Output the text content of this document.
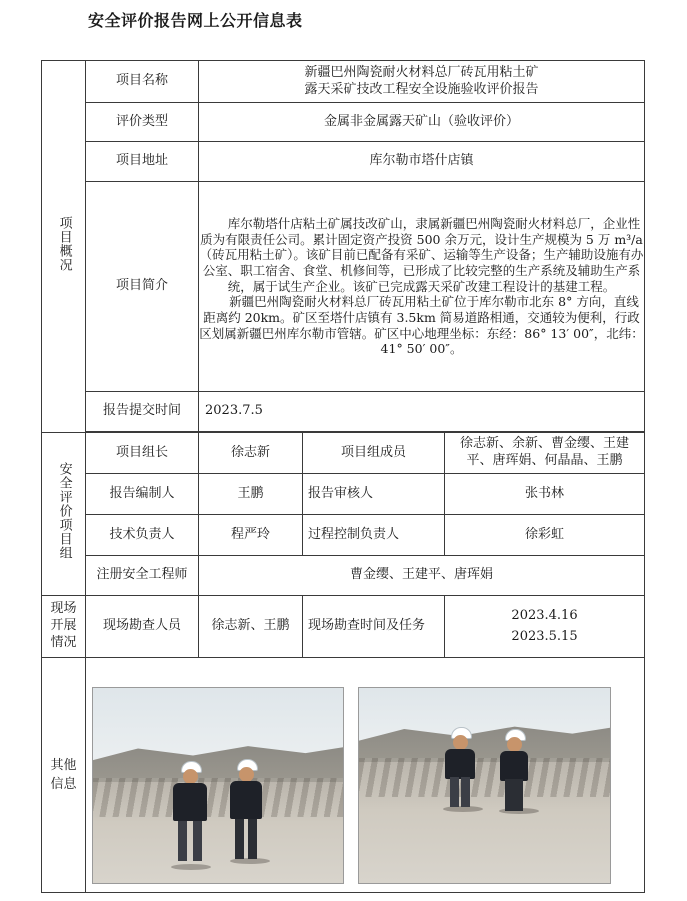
安全评价报告网上公开信息表
项目概况	项目名称	新疆巴州陶瓷耐火材料总厂砖瓦用粘土矿
露天采矿技改工程安全设施验收评价报告		

	评价类型	金属非金属露天矿山（验收评价）		
	项目地址	库尔勒市塔什店镇		
	项目简介	库尔勒塔什店粘土矿属技改矿山，隶属新疆巴州陶瓷耐火材料总厂，企业性质为有限责任公司。累计固定资产投资 500 余万元，设计生产规模为 5 万 m³/a （砖瓦用粘土矿）。该矿目前已配备有采矿、运输等生产设备；生产辅助设施有办公室、职工宿舍、食堂、机修间等，已形成了比较完整的生产系统及辅助生产系统，属于试生产企业。该矿已完成露天采矿改建工程设计的基建工程。

新疆巴州陶瓷耐火材料总厂砖瓦用粘土矿位于库尔勒市北东 8° 方向，直线距离约 20km。矿区至塔什店镇有 3.5km 简易道路相通，交通较为便利，行政区划属新疆巴州库尔勒市管辖。矿区中心地理坐标：东经：86° 13′ 00″，北纬：41° 50′ 00″。		

	报告提交时间	2023.7.5		

安全评价项目组	项目组长	徐志新	项目组成员	徐志新、余新、曹金缨、王建
平、唐珲娟、何晶晶、王鹏

	报告编制人	王鹏	报告审核人	张书林
	技术负责人	程严玲	过程控制负责人	徐彩虹
	注册安全工程师	曹金缨、王建平、唐珲娟		

现场
开展
情况	现场勘查人员	徐志新、王鹏	现场勘查时间及任务	2023.4.16
2023.5.15

其他
信息				
